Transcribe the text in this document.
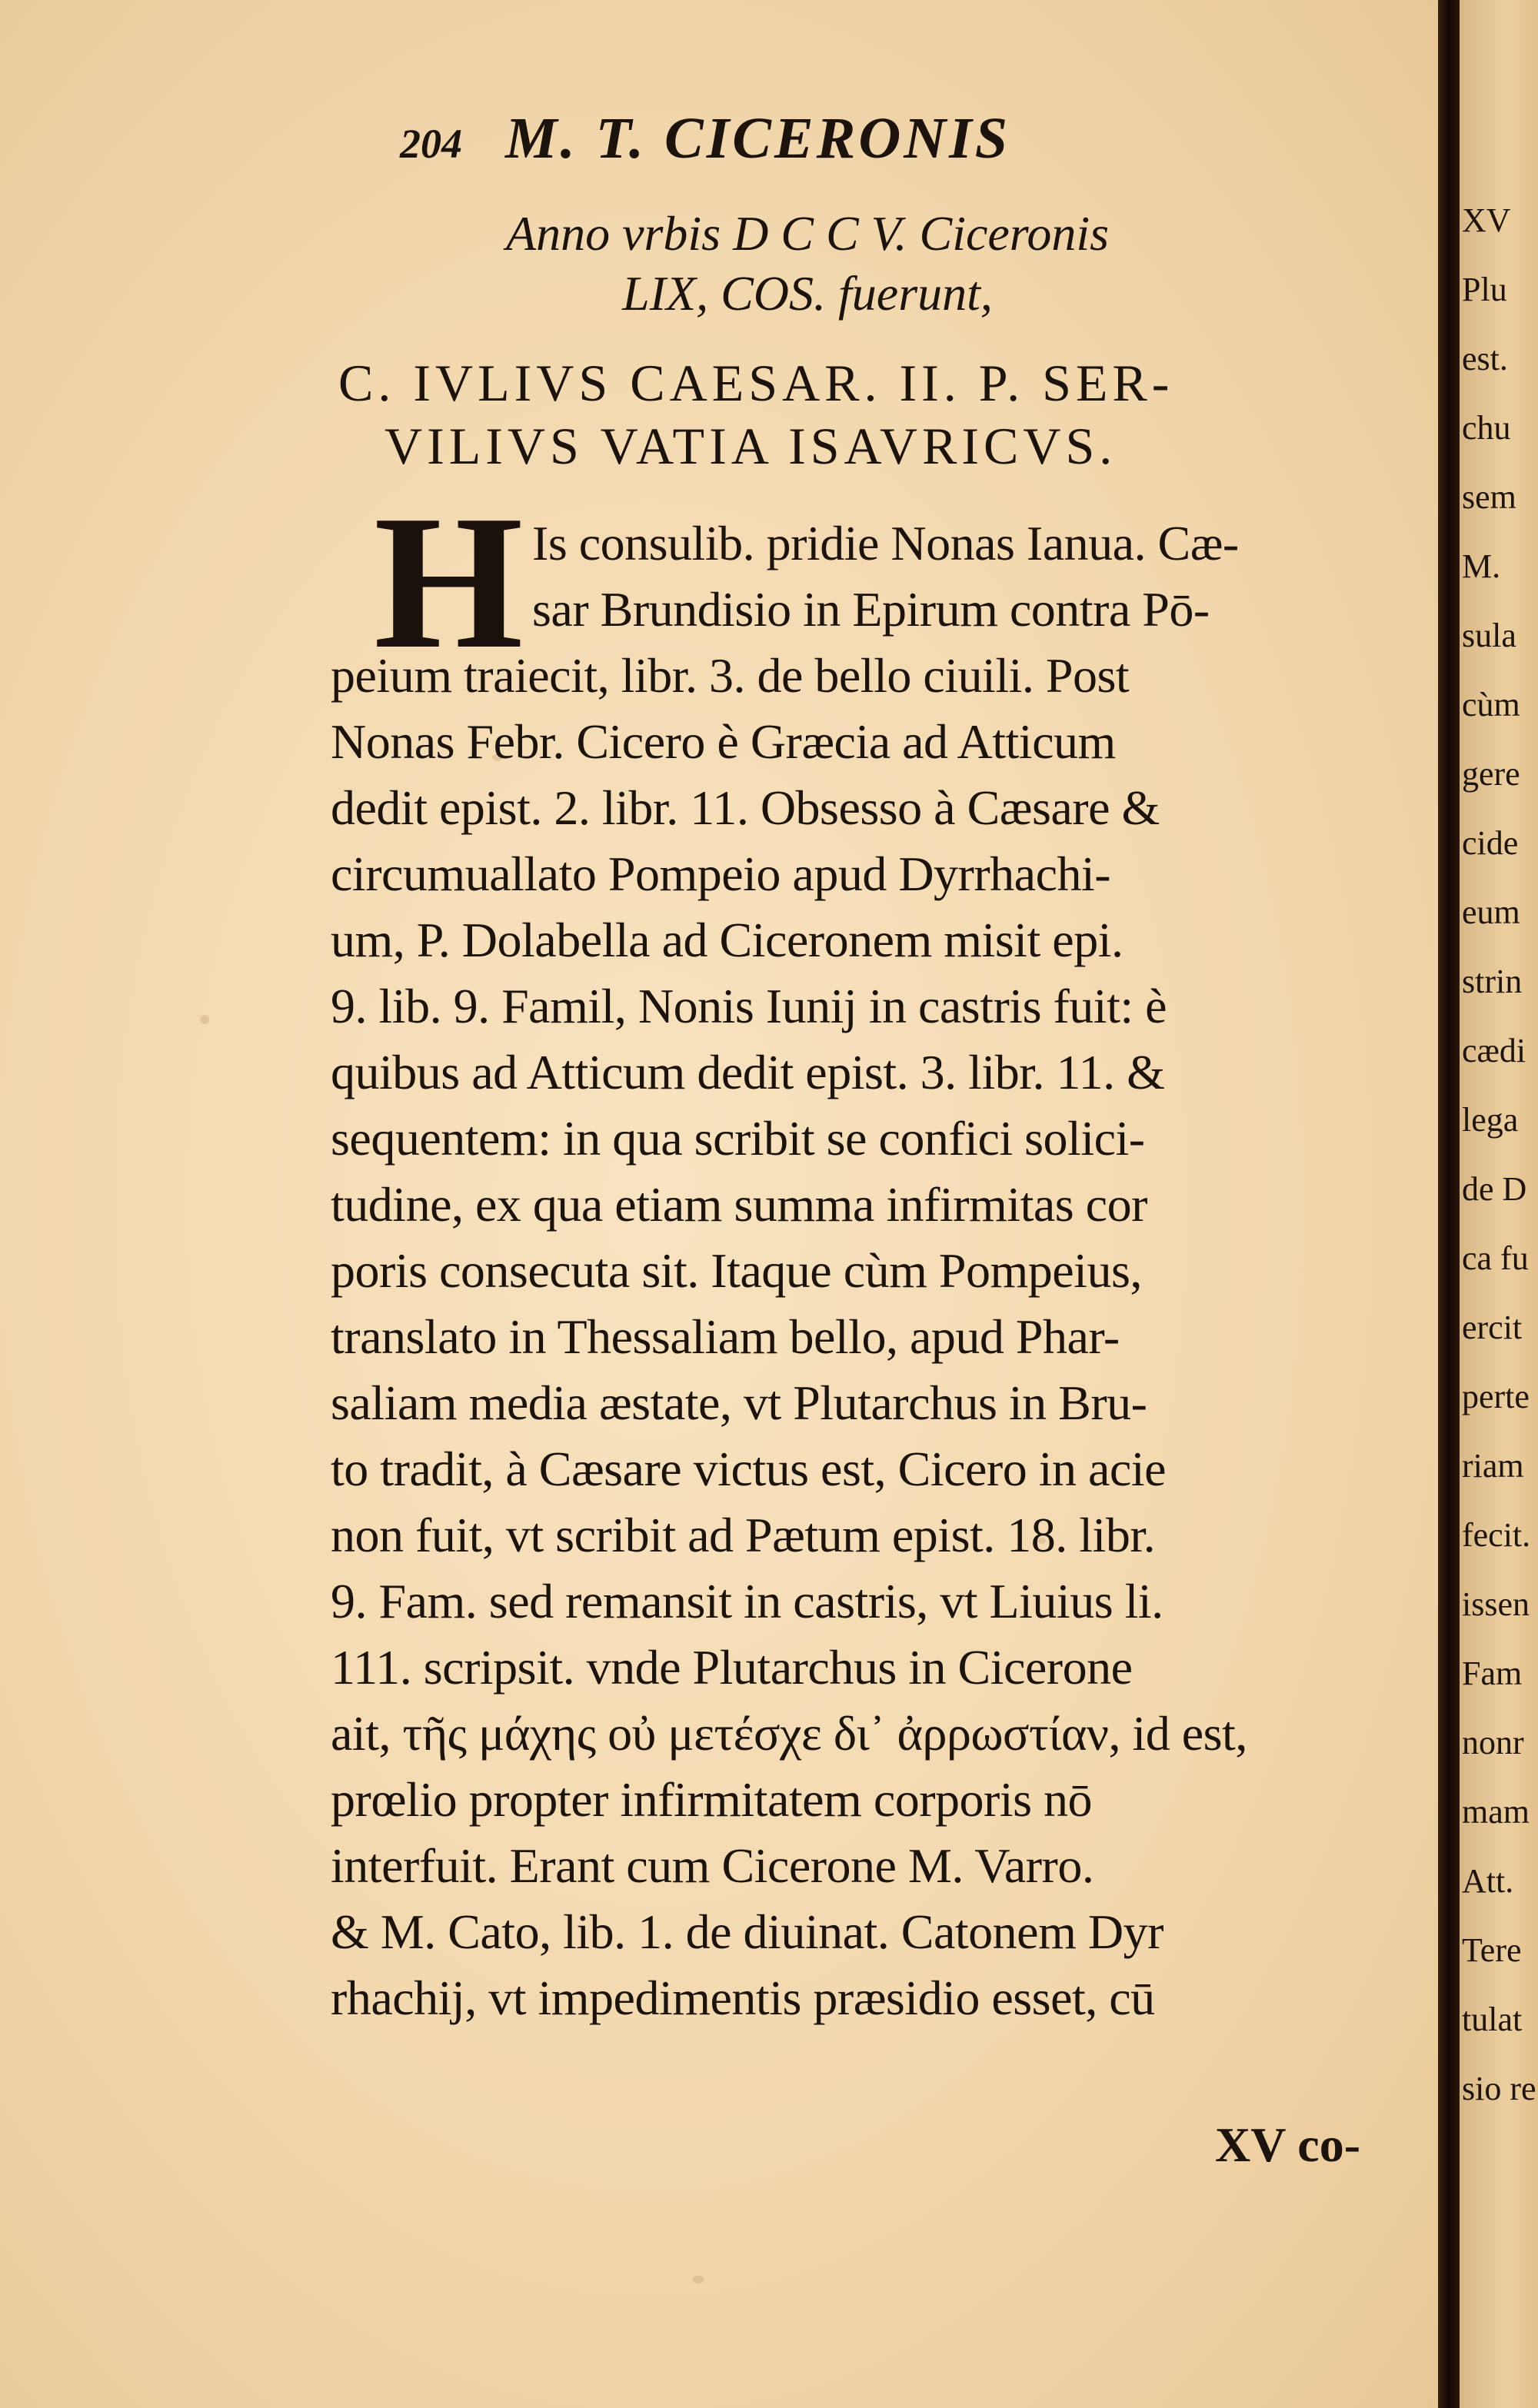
204 M. T. CICERONIS
Anno vrbis D C C V. Ciceronis
LIX, COS. fuerunt,
C. IVLIVS CAESAR. II. P. SER-
VILIVS VATIA ISAVRICVS.
H Is consulib. pridie Nonas Ianua. Cæ-
sar Brundisio in Epirum contra Pō-
peium traiecit, libr. 3. de bello ciuili. Post
Nonas Febr. Cicero è Græcia ad Atticum
dedit epist. 2. libr. 11. Obsesso à Cæsare &
circumuallato Pompeio apud Dyrrhachi-
um, P. Dolabella ad Ciceronem misit epi.
9. lib. 9. Famil, Nonis Iunij in castris fuit: è
quibus ad Atticum dedit epist. 3. libr. 11. &
sequentem: in qua scribit se confici solici-
tudine, ex qua etiam summa infirmitas cor
poris consecuta sit. Itaque cùm Pompeius,
translato in Thessaliam bello, apud Phar-
saliam media æstate, vt Plutarchus in Bru-
to tradit, à Cæsare victus est, Cicero in acie
non fuit, vt scribit ad Pætum epist. 18. libr.
9. Fam. sed remansit in castris, vt Liuius li.
111. scripsit. vnde Plutarchus in Cicerone
ait, τῆς μάχης οὐ μετέσχε δι᾽ ἀρρωστίαν, id est,
prœlio propter infirmitatem corporis nō
interfuit. Erant cum Cicerone M. Varro.
& M. Cato, lib. 1. de diuinat. Catonem Dyr
rhachij, vt impedimentis præsidio esset, cū
XV co-
XV
Plu
est.
chu
sem
M.
sula
cùm
gere
cide
eum
strin
cædi
lega
de D
ca fu
ercit
perte
riam
fecit.
issen
Fam
nonr
mam
Att.
Tere
tulat
sio re
